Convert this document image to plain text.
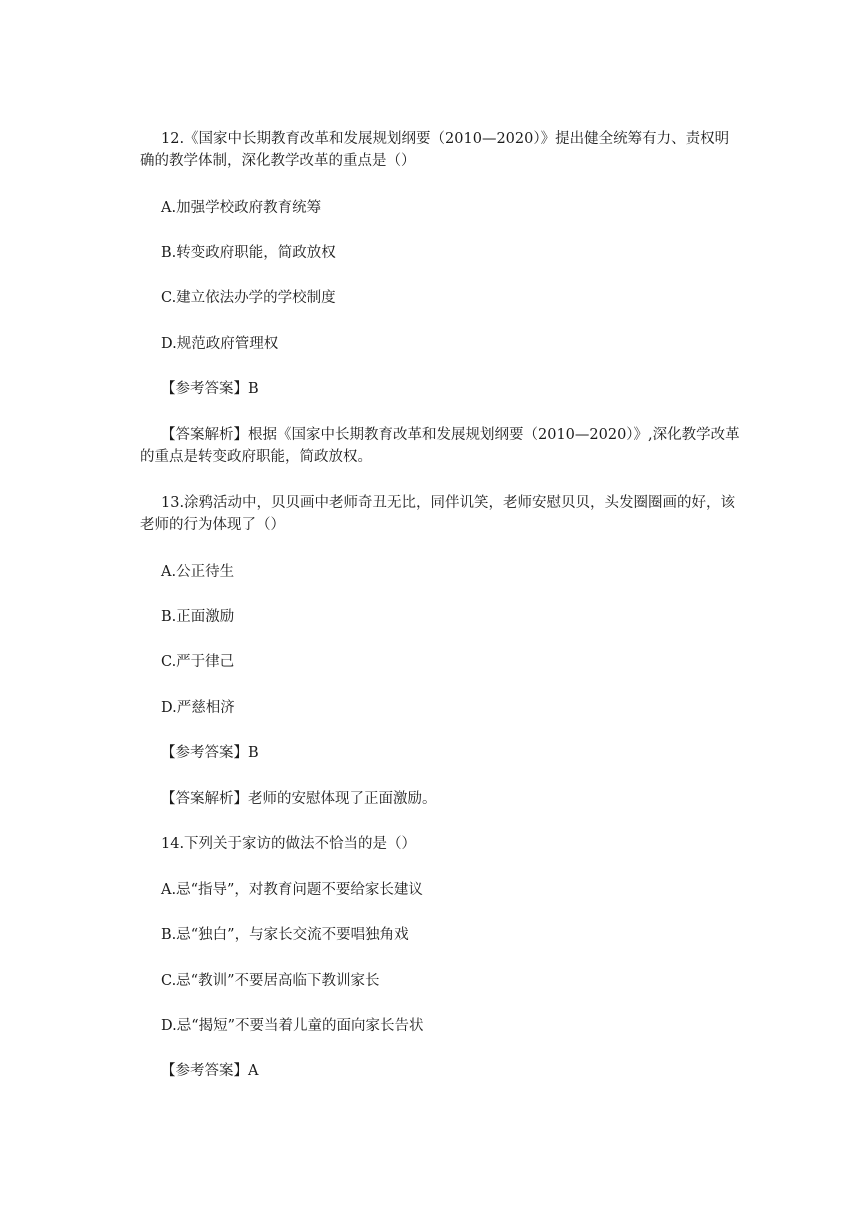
12.《国家中长期教育改革和发展规划纲要（2010—2020）》提出健全统筹有力、责权明确的教学体制，深化教学改革的重点是（）

A.加强学校政府教育统筹

B.转变政府职能，简政放权

C.建立依法办学的学校制度

D.规范政府管理权

【参考答案】B

【答案解析】根据《国家中长期教育改革和发展规划纲要（2010—2020）》,深化教学改革的重点是转变政府职能，简政放权。

13.涂鸦活动中，贝贝画中老师奇丑无比，同伴讥笑，老师安慰贝贝，头发圈圈画的好，该老师的行为体现了（）

A.公正待生

B.正面激励

C.严于律己

D.严慈相济

【参考答案】B

【答案解析】老师的安慰体现了正面激励。

14.下列关于家访的做法不恰当的是（）

A.忌“指导”，对教育问题不要给家长建议

B.忌“独白”，与家长交流不要唱独角戏

C.忌“教训”不要居高临下教训家长

D.忌“揭短”不要当着儿童的面向家长告状

【参考答案】A
